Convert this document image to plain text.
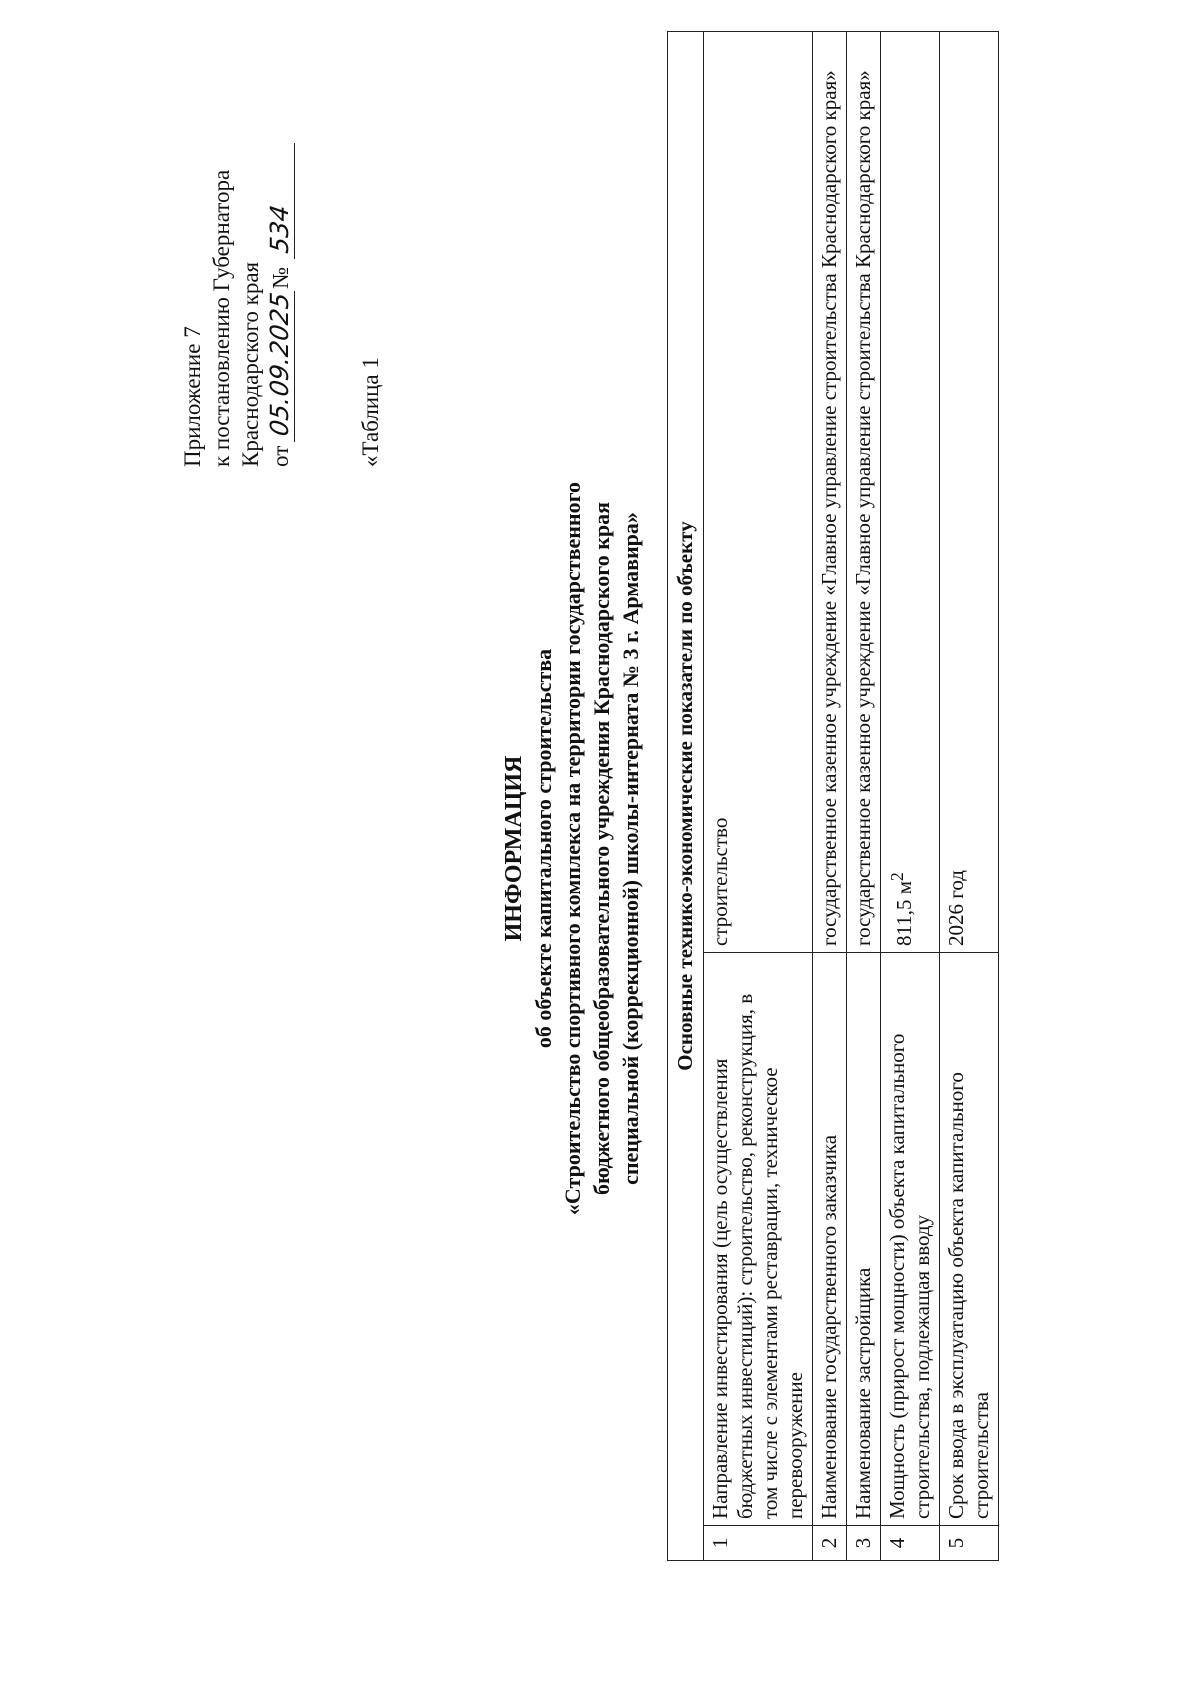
Приложение 7 к постановлению Губернатора Краснодарского края от 05.09.2025№ 534
«Таблица 1
ИНФОРМАЦИЯ об объекте капитального строительства «Строительство спортивного комплекса на территории государственного бюджетного общеобразовательного учреждения Краснодарского края специальной (коррекционной) школы-интерната № 3 г. Армавира» Основные технико-экономические показатели по объекту		
1	Направление инвестирования (цель осуществления бюджетных инвестиций): строительство, реконструкция, в том числе с элементами реставрации, техническое перевооружение	строительство
2	Наименование государственного заказчика	государственное казенное учреждение «Главное управление строительства Краснодарского края»
3	Наименование застройщика	государственное казенное учреждение «Главное управление строительства Краснодарского края»
4	Мощность (прирост мощности) объекта капитального строительства, подлежащая вводу	811,5 $м^2$
5	Срок ввода в эксплуатацию объекта капитального строительства	2026 год
